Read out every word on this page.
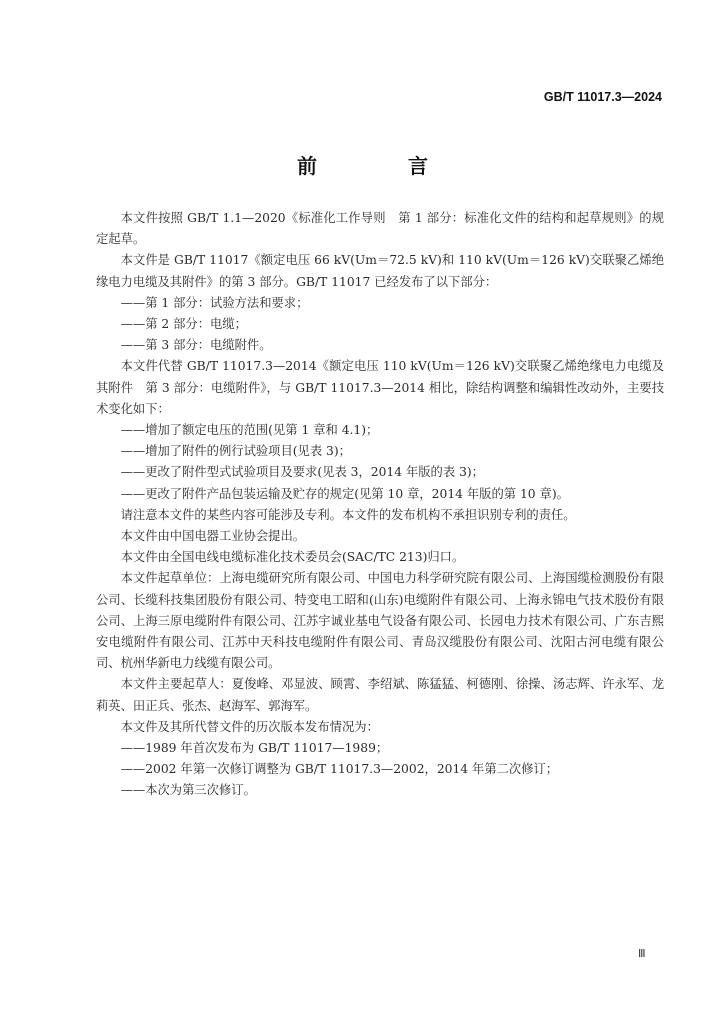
GB/T 11017.3—2024
前 言

本文件按照 GB/T 1.1—2020《标准化工作导则　第 1 部分：标准化文件的结构和起草规则》的规定起草。

本文件是 GB/T 11017《额定电压 66 kV(Um＝72.5 kV)和 110 kV(Um＝126 kV)交联聚乙烯绝缘电力电缆及其附件》的第 3 部分。GB/T 11017 已经发布了以下部分：

——第 1 部分：试验方法和要求；

——第 2 部分：电缆；

——第 3 部分：电缆附件。

本文件代替 GB/T 11017.3—2014《额定电压 110 kV(Um＝126 kV)交联聚乙烯绝缘电力电缆及其附件　第 3 部分：电缆附件》，与 GB/T 11017.3—2014 相比，除结构调整和编辑性改动外，主要技术变化如下：

——增加了额定电压的范围(见第 1 章和 4.1)；

——增加了附件的例行试验项目(见表 3)；

——更改了附件型式试验项目及要求(见表 3，2014 年版的表 3)；

——更改了附件产品包装运输及贮存的规定(见第 10 章，2014 年版的第 10 章)。

请注意本文件的某些内容可能涉及专利。本文件的发布机构不承担识别专利的责任。

本文件由中国电器工业协会提出。

本文件由全国电线电缆标准化技术委员会(SAC/TC 213)归口。

本文件起草单位：上海电缆研究所有限公司、中国电力科学研究院有限公司、上海国缆检测股份有限公司、长缆科技集团股份有限公司、特变电工昭和(山东)电缆附件有限公司、上海永锦电气技术股份有限公司、上海三原电缆附件有限公司、江苏宇诚业基电气设备有限公司、长园电力技术有限公司、广东吉熙安电缆附件有限公司、江苏中天科技电缆附件有限公司、青岛汉缆股份有限公司、沈阳古河电缆有限公司、杭州华新电力线缆有限公司。

本文件主要起草人：夏俊峰、邓显波、顾霄、李绍斌、陈猛猛、柯德刚、徐操、汤志辉、许永军、龙莉英、田正兵、张杰、赵海军、郭海军。

本文件及其所代替文件的历次版本发布情况为：

——1989 年首次发布为 GB/T 11017—1989；

——2002 年第一次修订调整为 GB/T 11017.3—2002，2014 年第二次修订；

——本次为第三次修订。

Ⅲ
